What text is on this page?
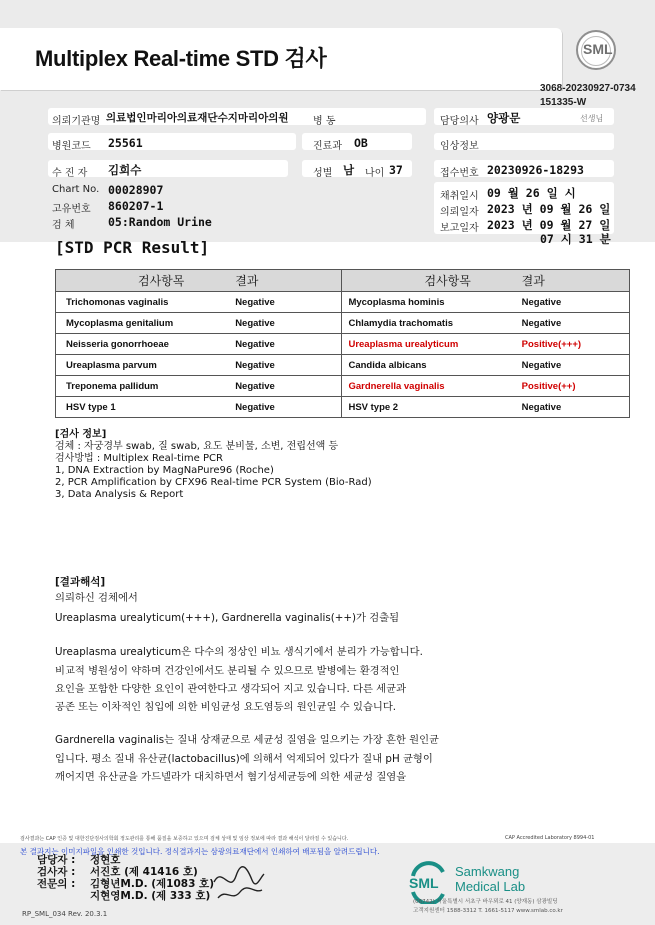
Multiplex Real-time STD 검사	SML
3068-20230927-0734
151335-W
의뢰기관명 의료법인마리아의료재단수지마리아의원 병 동	담당의사 양광문	선생님
병원코드 25561	진료과 OB	임상정보
수 진 자 김희수	성별 남 나이 37	접수번호 20230926-18293
Chart No. 00028907
고유번호 860207-1
검 체	05:Random Urine
채취일시 09 월 26 일 시
의뢰일자 2023 년 09 월 26 일
보고일자 2023 년 09 월 27 일
07 시 31 분
[STD PCR Result]
검사항목	결과	검사항목	결과
Trichomonas vaginalis	Negative	Mycoplasma hominis	Negative
Mycoplasma genitalium	Negative	Chlamydia trachomatis	Negative
Neisseria gonorrhoeae	Negative	Ureaplasma urealyticum	Positive(+++)
Ureaplasma parvum	Negative	Candida albicans	Negative
Treponema pallidum	Negative	Gardnerella vaginalis	Positive(++)
HSV type 1	Negative	HSV type 2	Negative
[검사 정보]
검체 : 자궁경부 swab, 질 swab, 요도 분비물, 소변, 전립선액 등
검사방법 : Multiplex Real-time PCR
1, DNA Extraction by MagNaPure96 (Roche)
2, PCR Amplification by CFX96 Real-time PCR System (Bio-Rad)
3, Data Analysis & Report
[결과해석]
의뢰하신 검체에서
Ureaplasma urealyticum(+++), Gardnerella vaginalis(++)가 검출됨
Ureaplasma urealyticum은 다수의 정상인 비뇨 생식기에서 분리가 가능합니다.
비교적 병원성이 약하며 건강인에서도 분리될 수 있으므로 발병에는 환경적인
요인을 포함한 다양한 요인이 관여한다고 생각되어 지고 있습니다. 다른 세균과
공존 또는 이차적인 침입에 의한 비임균성 요도염등의 원인균일 수 있습니다.
Gardnerella vaginalis는 질내 상재균으로 세균성 질염을 일으키는 가장 흔한 원인균
입니다. 평소 질내 유산균(lactobacillus)에 의해서 억제되어 있다가 질내 pH 균형이
깨어지면 유산균을 가드넬라가 대치하면서 혐기성세균등에 의한 세균성 질염을
검사결과는 CAP 인증 및 대한진단검사의학회 정도관리를 통해 품질을 보증하고 있으며 검체 상태 및 임상 정보에 따라 결과 해석이 달라질 수 있습니다.	CAP Accredited Laboratory 8994-01
본 결과지는 이미지파일을 인쇄한 것입니다. 정식결과지는 삼광의료재단에서 인쇄하여 배포됨을 알려드립니다.
담당자 : 정현호
검사자 : 서진호 (제 41416 호)
전문의 : 김형년M.D. (제1083 호)
지현영M.D. (제 333 호)
SML
Samkwang
Medical Lab
(06742) 서울특별시 서초구 바우뫼로 41 (양재동) 삼광빌딩
고객지원센터 1588-3312 T. 1661-5117 www.smlab.co.kr
RP_SML_034 Rev. 20.3.1
